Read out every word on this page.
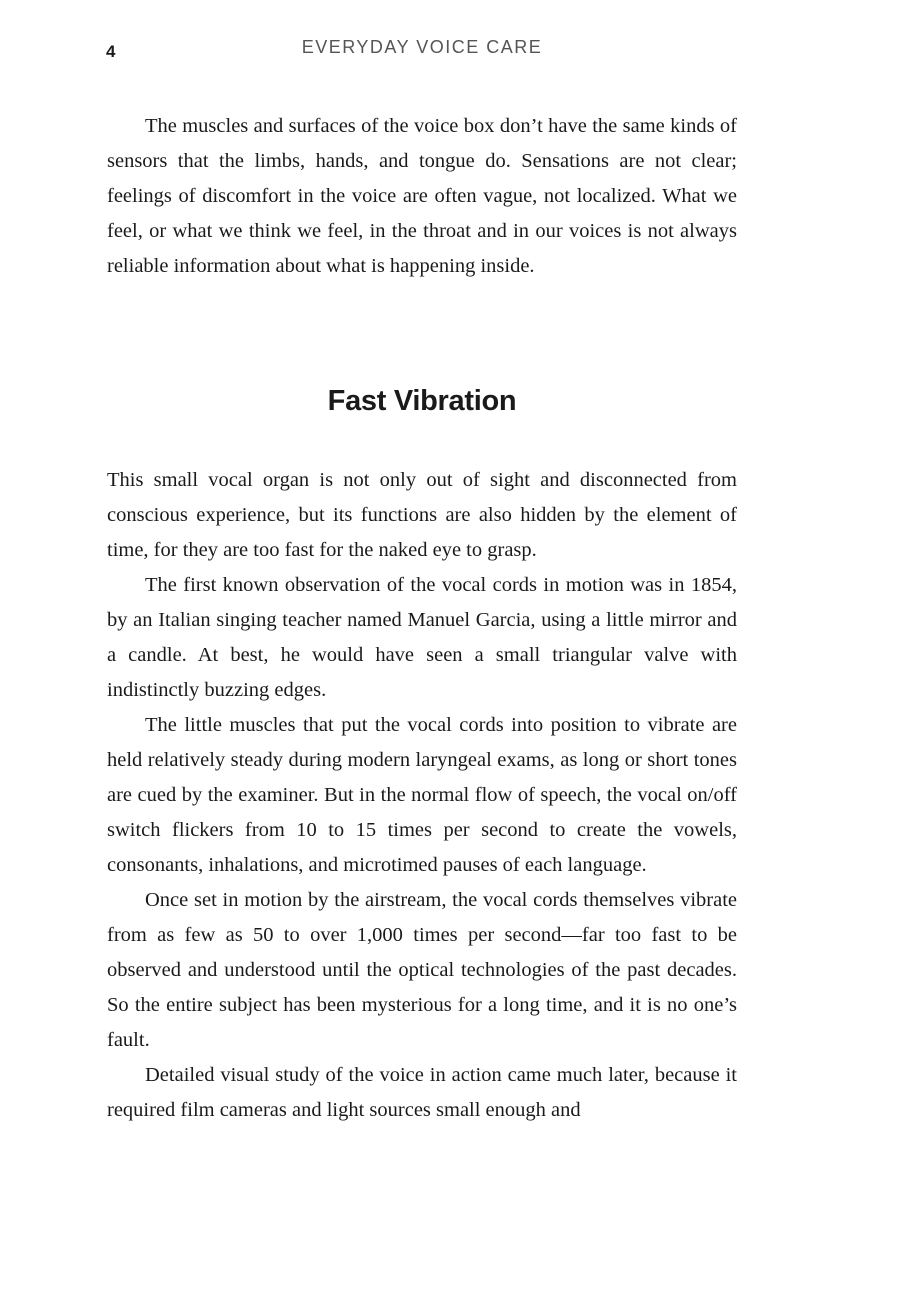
4	EVERYDAY VOICE CARE

The muscles and surfaces of the voice box don’t have the same kinds of sensors that the limbs, hands, and tongue do. Sensations are not clear; feelings of discomfort in the voice are often vague, not localized. What we feel, or what we think we feel, in the throat and in our voices is not always reliable information about what is happening inside.

Fast Vibration

This small vocal organ is not only out of sight and disconnected from conscious experience, but its functions are also hidden by the element of time, for they are too fast for the naked eye to grasp.

The first known observation of the vocal cords in motion was in 1854, by an Italian singing teacher named Manuel Garcia, using a little mirror and a candle. At best, he would have seen a small triangular valve with indistinctly buzzing edges.

The little muscles that put the vocal cords into position to vibrate are held relatively steady during modern laryngeal exams, as long or short tones are cued by the examiner. But in the normal flow of speech, the vocal on/off switch flickers from 10 to 15 times per second to create the vowels, consonants, inhalations, and microtimed pauses of each language.

Once set in motion by the airstream, the vocal cords themselves vibrate from as few as 50 to over 1,000 times per second—far too fast to be observed and understood until the optical technologies of the past decades. So the entire subject has been mysterious for a long time, and it is no one’s fault.

Detailed visual study of the voice in action came much later, because it required film cameras and light sources small enough and
